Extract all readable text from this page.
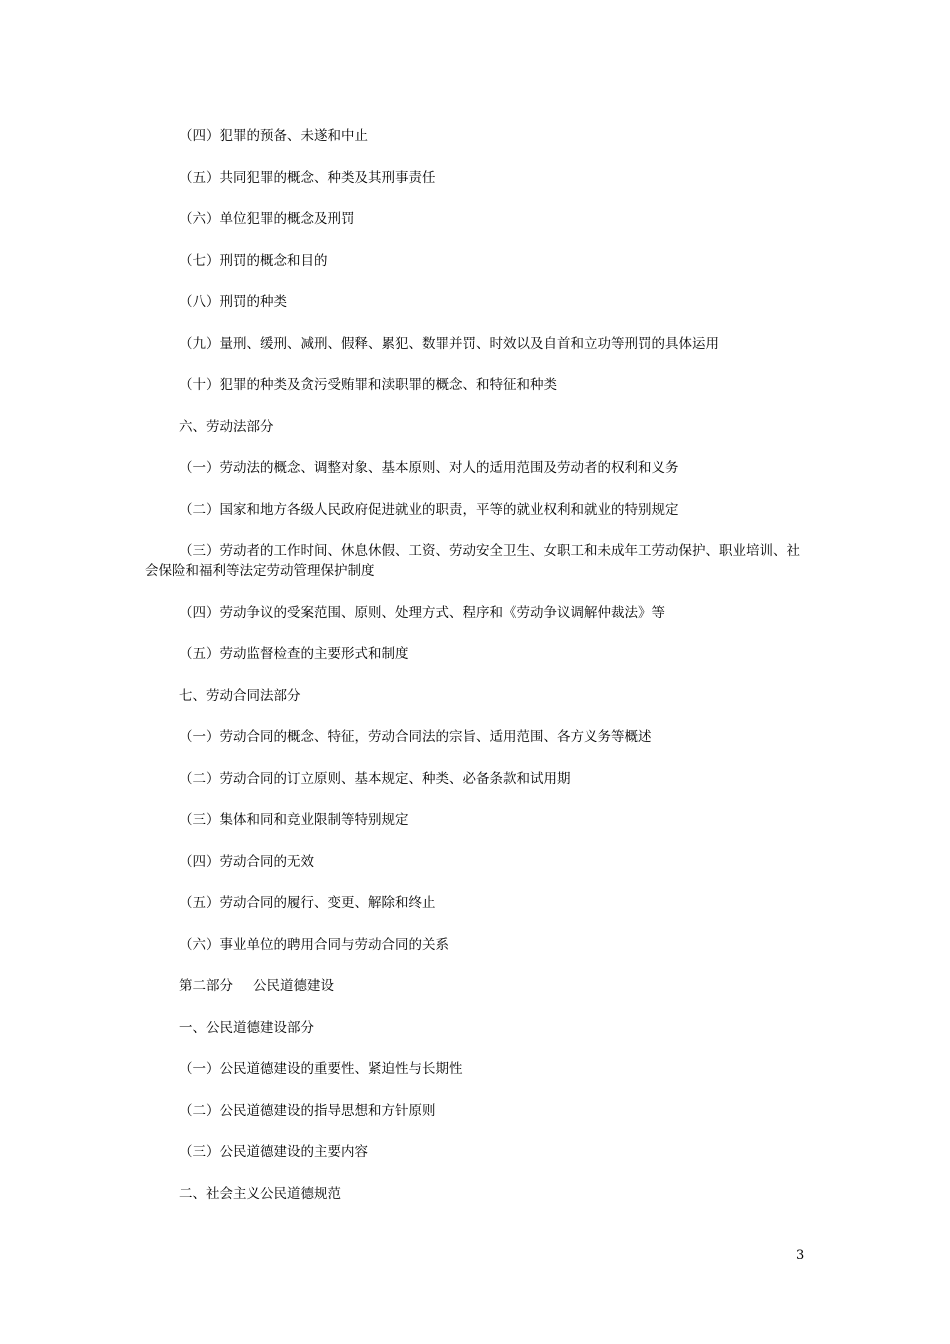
（四）犯罪的预备、未遂和中止
（五）共同犯罪的概念、种类及其刑事责任
（六）单位犯罪的概念及刑罚
（七）刑罚的概念和目的
（八）刑罚的种类
（九）量刑、缓刑、减刑、假释、累犯、数罪并罚、时效以及自首和立功等刑罚的具体运用
（十）犯罪的种类及贪污受贿罪和渎职罪的概念、和特征和种类
六、劳动法部分
（一）劳动法的概念、调整对象、基本原则、对人的适用范围及劳动者的权利和义务
（二）国家和地方各级人民政府促进就业的职责，平等的就业权利和就业的特别规定
（三）劳动者的工作时间、休息休假、工资、劳动安全卫生、女职工和未成年工劳动保护、职业培训、社会保险和福利等法定劳动管理保护制度
（四）劳动争议的受案范围、原则、处理方式、程序和《劳动争议调解仲裁法》等
（五）劳动监督检查的主要形式和制度
七、劳动合同法部分
（一）劳动合同的概念、特征，劳动合同法的宗旨、适用范围、各方义务等概述
（二）劳动合同的订立原则、基本规定、种类、必备条款和试用期
（三）集体和同和竞业限制等特别规定
（四）劳动合同的无效
（五）劳动合同的履行、变更、解除和终止
（六）事业单位的聘用合同与劳动合同的关系
第二部分 公民道德建设
一、公民道德建设部分
（一）公民道德建设的重要性、紧迫性与长期性
（二）公民道德建设的指导思想和方针原则
（三）公民道德建设的主要内容
二、社会主义公民道德规范
3
